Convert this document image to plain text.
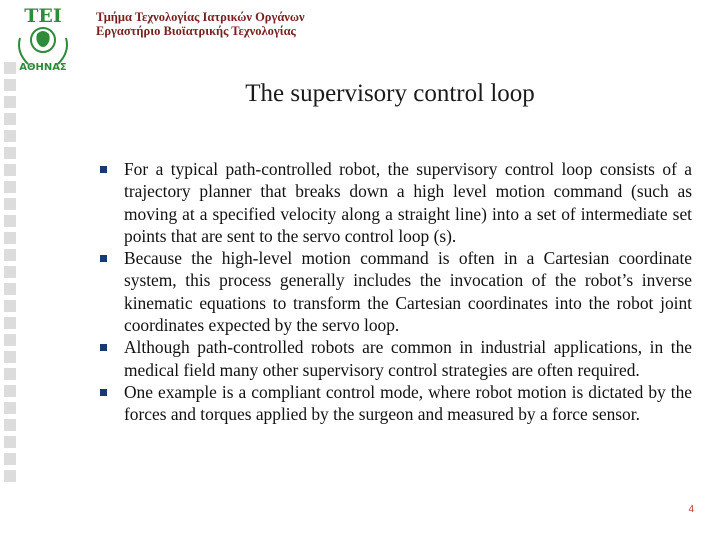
TEI
ΑΘΗΝΑΣ
Τμήμα Τεχνολογίας Ιατρικών Οργάνων
Εργαστήριο Βιοϊατρικής Τεχνολογίας
The supervisory control loop
For a typical path-controlled robot, the supervisory control loop consists of a trajectory planner that breaks down a high level motion command (such as moving at a specified velocity along a straight line) into a set of intermediate set points that are sent to the servo control loop (s).
Because the high-level motion command is often in a Cartesian coordinate system, this process generally includes the invocation of the robot’s inverse kinematic equations to transform the Cartesian coordinates into the robot joint coordinates expected by the servo loop.
Although path-controlled robots are common in industrial applications, in the medical field many other supervisory control strategies are often required.
One example is a compliant control mode, where robot motion is dictated by the forces and torques applied by the surgeon and measured by a force sensor.
4
